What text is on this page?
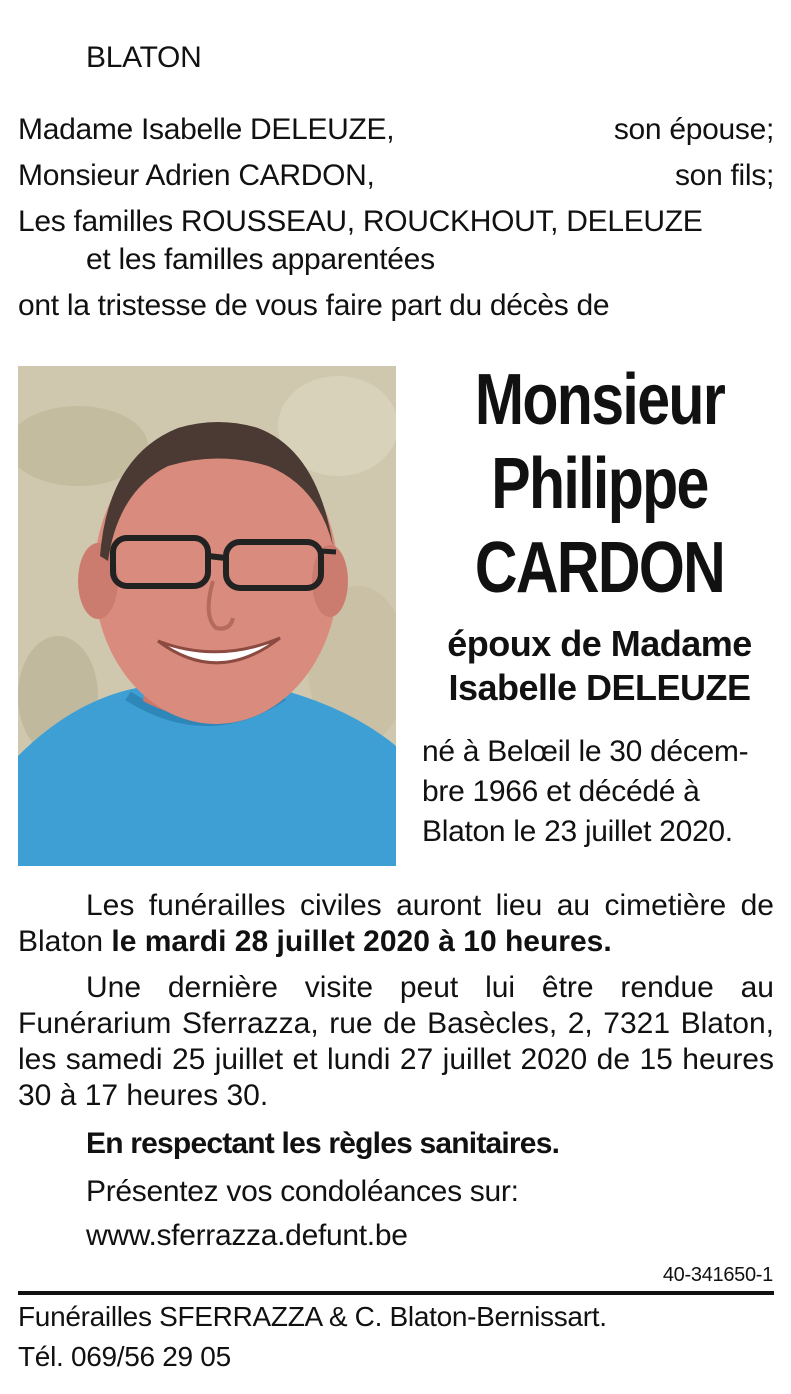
BLATON
Madame Isabelle DELEUZE,	son épouse;
Monsieur Adrien CARDON,	son fils;
Les familles ROUSSEAU, ROUCKHOUT, DELEUZE
et les familles apparentées
ont la tristesse de vous faire part du décès de
Monsieur
Philippe
CARDON
époux de Madame
Isabelle DELEUZE
né à Belœil le 30 décem-
bre 1966 et décédé à
Blaton le 23 juillet 2020.
Les funérailles civiles auront lieu au cimetière de Blaton le mardi 28 juillet 2020 à 10 heures.
Une dernière visite peut lui être rendue au Funérarium Sferrazza, rue de Basècles, 2, 7321 Blaton, les samedi 25 juillet et lundi 27 juillet 2020 de 15 heures 30 à 17 heures 30.
En respectant les règles sanitaires.
Présentez vos condoléances sur:
www.sferrazza.defunt.be
40-341650-1
Funérailles SFERRAZZA & C. Blaton-Bernissart.
Tél. 069/56 29 05
